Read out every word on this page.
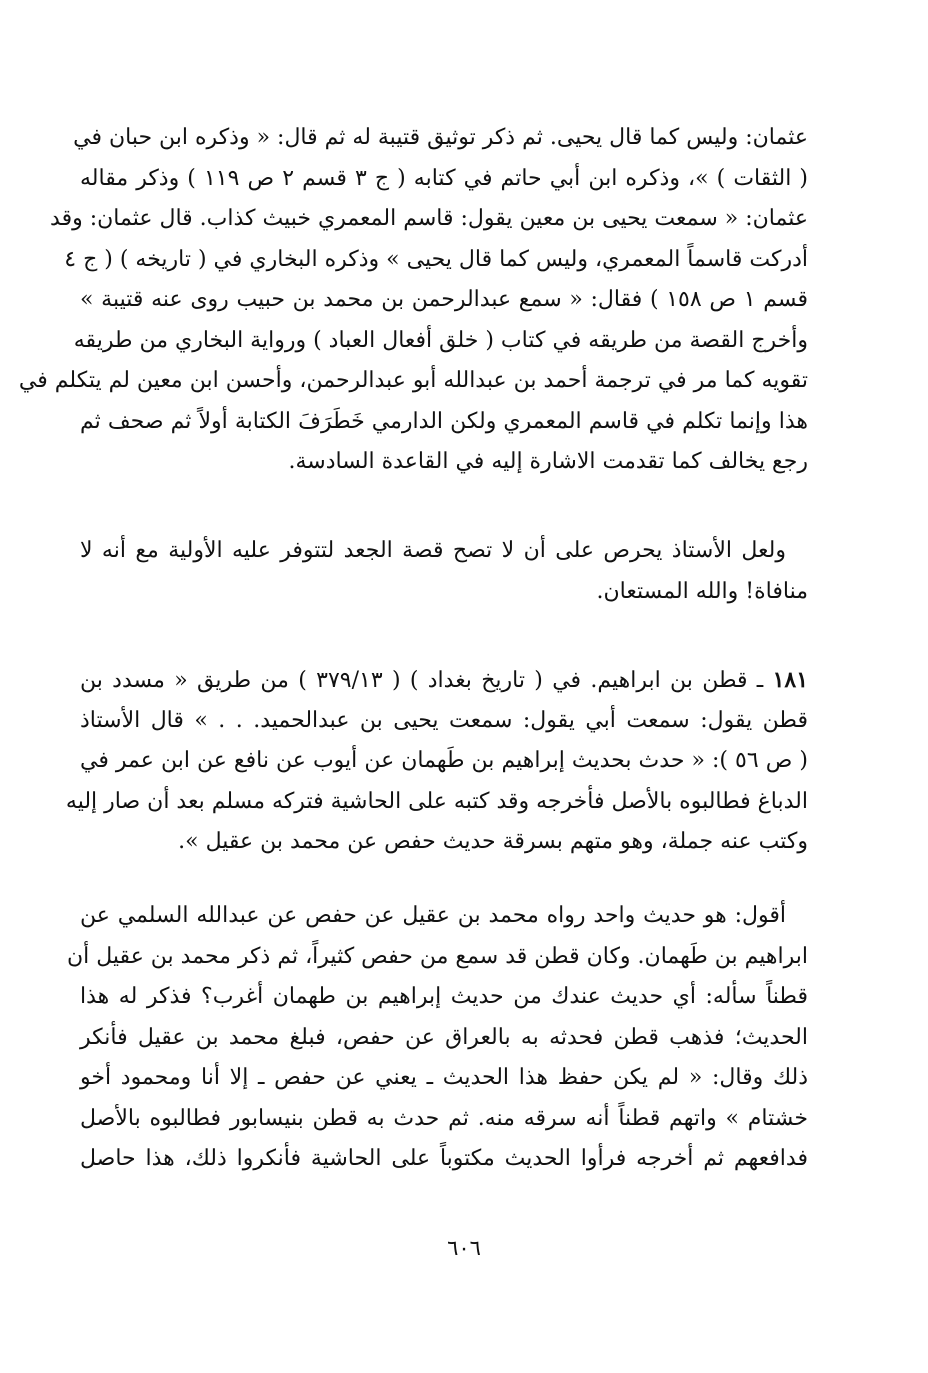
عثمان: وليس كما قال يحيى. ثم ذكر توثيق قتيبة له ثم قال: « وذكره ابن حبان في
( الثقات ) »، وذكره ابن أبي حاتم في كتابه ( ج ٣ قسم ٢ ص ١١٩ ) وذكر مقاله
عثمان: « سمعت يحيى بن معين يقول: قاسم المعمري خبيث كذاب. قال عثمان: وقد
أدركت قاسماً المعمري، وليس كما قال يحيى » وذكره البخاري في ( تاريخه ) ( ج ٤
قسم ١ ص ١٥٨ ) فقال: « سمع عبدالرحمن بن محمد بن حبيب روى عنه قتيبة »
وأخرج القصة من طريقه في كتاب ( خلق أفعال العباد ) ورواية البخاري من طريقه
تقويه كما مر في ترجمة أحمد بن عبدالله أبو عبدالرحمن، وأحسن ابن معين لم يتكلم في
هذا وإنما تكلم في قاسم المعمري ولكن الدارمي خَطَرَفَ الكتابة أولاً ثم صحف ثم
رجع يخالف كما تقدمت الاشارة إليه في القاعدة السادسة.
ولعل الأستاذ يحرص على أن لا تصح قصة الجعد لتتوفر عليه الأولية مع أنه لا
منافاة! والله المستعان.
١٨١ ـ قطن بن ابراهيم. في ( تاريخ بغداد ) ( ٣٧٩/١٣ ) من طريق « مسدد بن
قطن يقول: سمعت أبي يقول: سمعت يحيى بن عبدالحميد. . . » قال الأستاذ
( ص ٥٦ ): « حدث بحديث إبراهيم بن طَهمان عن أيوب عن نافع عن ابن عمر في
الدباغ فطالبوه بالأصل فأخرجه وقد كتبه على الحاشية فتركه مسلم بعد أن صار إليه
وكتب عنه جملة، وهو متهم بسرقة حديث حفص عن محمد بن عقيل ».
أقول: هو حديث واحد رواه محمد بن عقيل عن حفص عن عبدالله السلمي عن
ابراهيم بن طَهمان. وكان قطن قد سمع من حفص كثيراً، ثم ذكر محمد بن عقيل أن
قطناً سأله: أي حديث عندك من حديث إبراهيم بن طهمان أغرب؟ فذكر له هذا
الحديث؛ فذهب قطن فحدثه به بالعراق عن حفص، فبلغ محمد بن عقيل فأنكر
ذلك وقال: « لم يكن حفظ هذا الحديث ـ يعني عن حفص ـ إلا أنا ومحمود أخو
خشتام » واتهم قطناً أنه سرقه منه. ثم حدث به قطن بنيسابور فطالبوه بالأصل
فدافعهم ثم أخرجه فرأوا الحديث مكتوباً على الحاشية فأنكروا ذلك، هذا حاصل
٦٠٦
